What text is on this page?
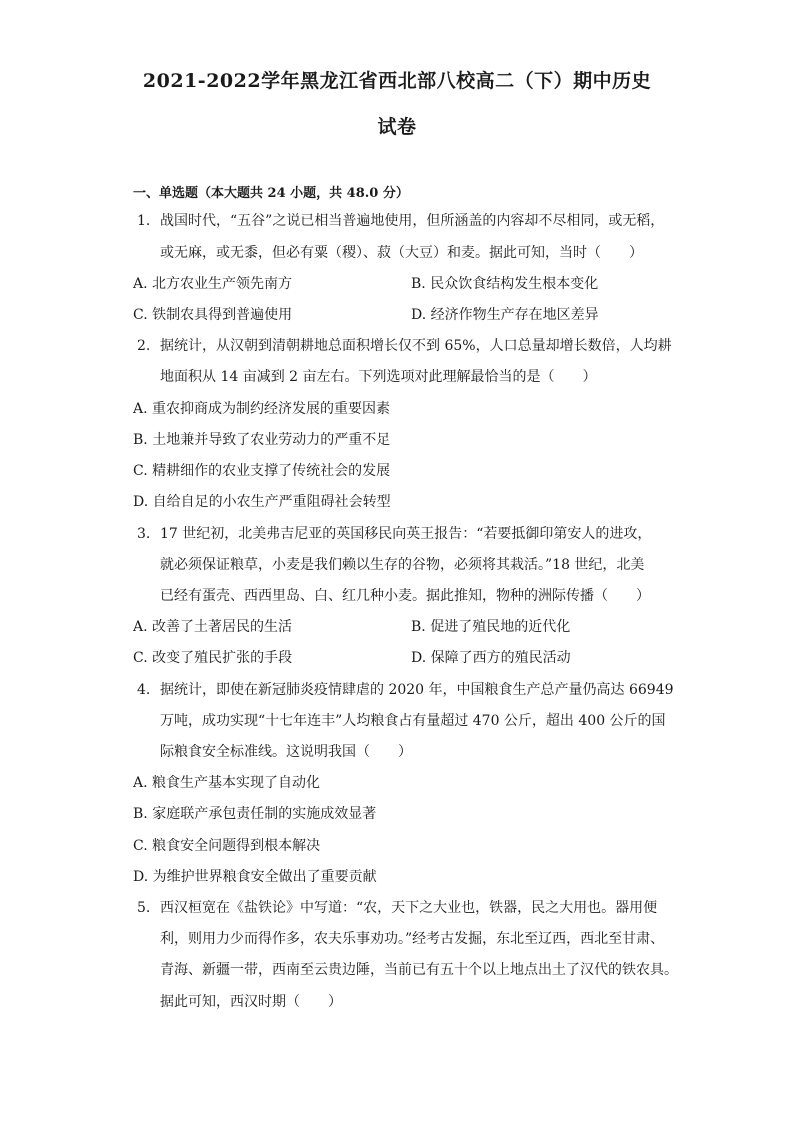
2021-2022学年黑龙江省西北部八校高二（下）期中历史
试卷
一、单选题（本大题共 24 小题，共 48.0 分）
1. 战国时代，“五谷”之说已相当普遍地使用，但所涵盖的内容却不尽相同，或无稻，
或无麻，或无黍，但必有粟（稷）、菽（大豆）和麦。据此可知，当时（　　）
A. 北方农业生产领先南方	B. 民众饮食结构发生根本变化
C. 铁制农具得到普遍使用	D. 经济作物生产存在地区差异
2. 据统计，从汉朝到清朝耕地总面积增长仅不到 65%，人口总量却增长数倍，人均耕
地面积从 14 亩减到 2 亩左右。下列选项对此理解最恰当的是（　　）
A. 重农抑商成为制约经济发展的重要因素
B. 土地兼并导致了农业劳动力的严重不足
C. 精耕细作的农业支撑了传统社会的发展
D. 自给自足的小农生产严重阻碍社会转型
3. 17 世纪初，北美弗吉尼亚的英国移民向英王报告：“若要抵御印第安人的进攻，
就必须保证粮草，小麦是我们赖以生存的谷物，必须将其栽活。”18 世纪，北美
已经有蛋壳、西西里岛、白、红几种小麦。据此推知，物种的洲际传播（　　）
A. 改善了土著居民的生活	B. 促进了殖民地的近代化
C. 改变了殖民扩张的手段	D. 保障了西方的殖民活动
4. 据统计，即使在新冠肺炎疫情肆虐的 2020 年，中国粮食生产总产量仍高达 66949
万吨，成功实现“十七年连丰”人均粮食占有量超过 470 公斤，超出 400 公斤的国
际粮食安全标准线。这说明我国（　　）
A. 粮食生产基本实现了自动化
B. 家庭联产承包责任制的实施成效显著
C. 粮食安全问题得到根本解决
D. 为维护世界粮食安全做出了重要贡献
5. 西汉桓宽在《盐铁论》中写道：“农，天下之大业也，铁器，民之大用也。器用便
利，则用力少而得作多，农夫乐事劝功。”经考古发掘，东北至辽西，西北至甘肃、
青海、新疆一带，西南至云贵边陲，当前已有五十个以上地点出土了汉代的铁农具。
据此可知，西汉时期（　　）
